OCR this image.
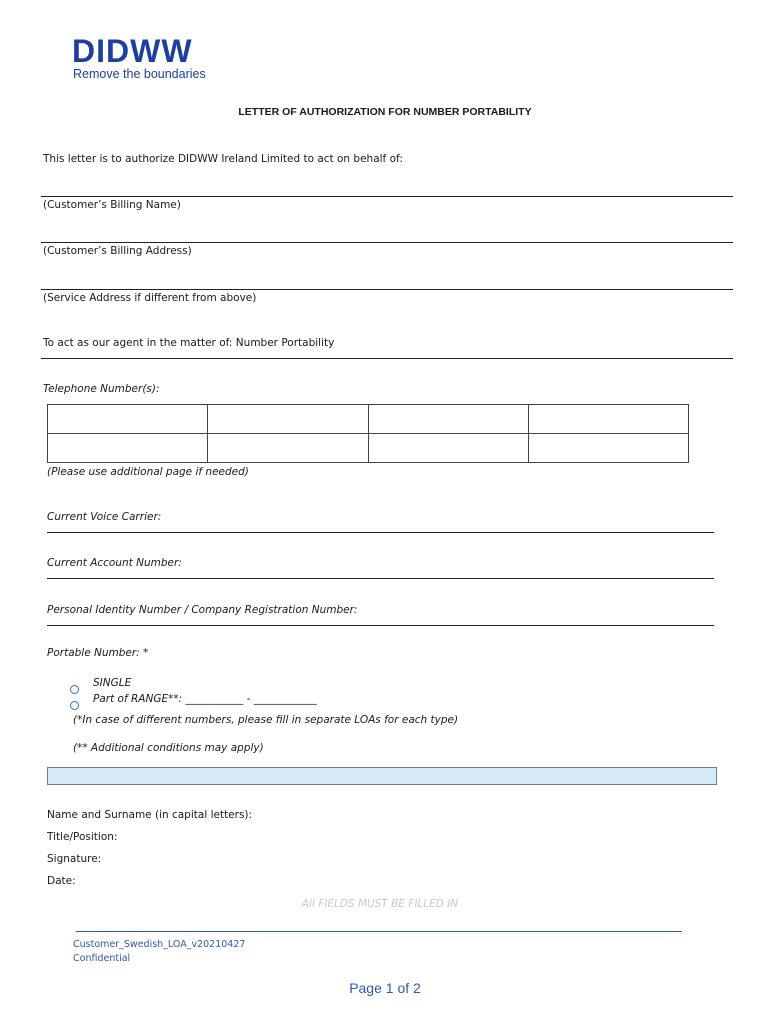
DIDWW
Remove the boundaries
LETTER OF AUTHORIZATION FOR NUMBER PORTABILITY
This letter is to authorize DIDWW Ireland Limited to act on behalf of:
(Customer’s Billing Name)
(Customer’s Billing Address)
(Service Address if different from above)
To act as our agent in the matter of: Number Portability
Telephone Number(s):

(Please use additional page if needed)
Current Voice Carrier:
Current Account Number:
Personal Identity Number / Company Registration Number:
Portable Number: *
SINGLE
Part of RANGE**: ___________ - ____________
(*In case of different numbers, please fill in separate LOAs for each type)
(** Additional conditions may apply)
Name and Surname (in capital letters):
Title/Position:
Signature:
Date:
All FIELDS MUST BE FILLED IN
Customer_Swedish_LOA_v20210427
Confidential
Page 1 of 2
